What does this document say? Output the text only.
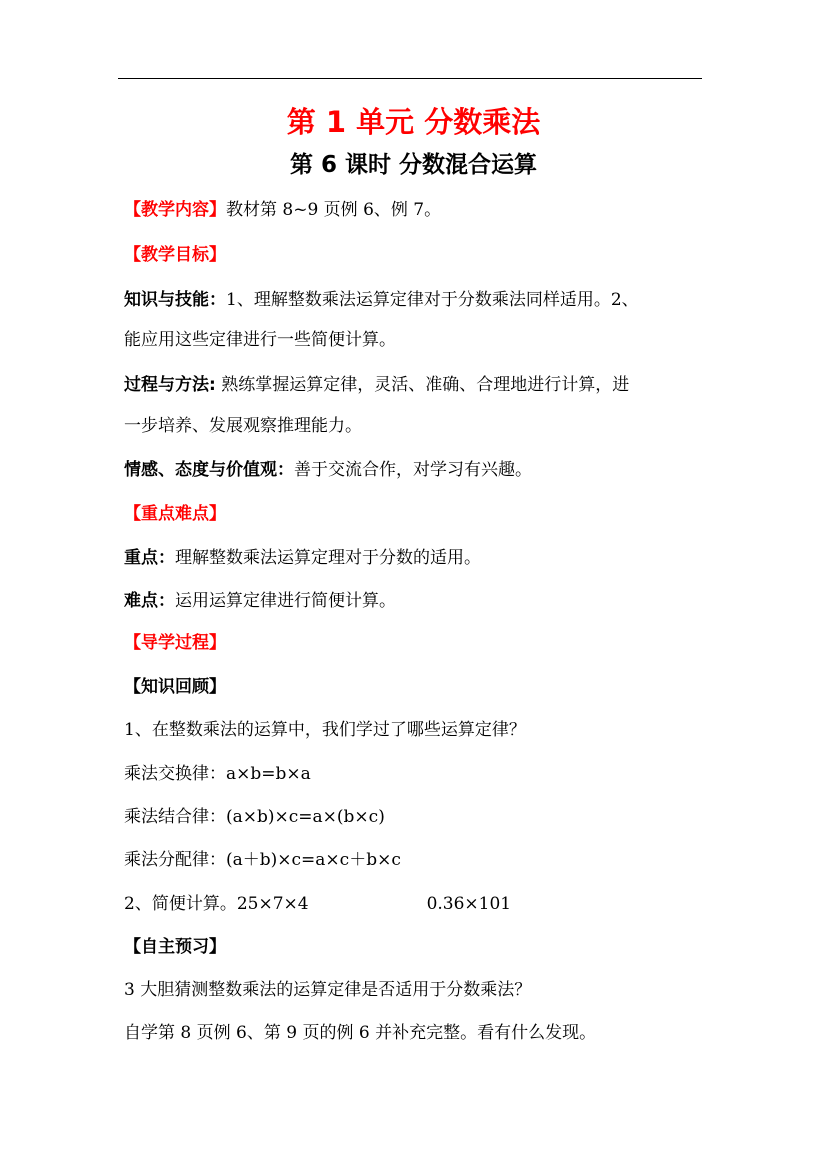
第 1 单元 分数乘法
第 6 课时 分数混合运算
【教学内容】教材第 8~9 页例 6、例 7。
【教学目标】
知识与技能：1、理解整数乘法运算定律对于分数乘法同样适用。2、
能应用这些定律进行一些简便计算。
过程与方法: 熟练掌握运算定律，灵活、准确、合理地进行计算，进
一步培养、发展观察推理能力。
情感、态度与价值观：善于交流合作，对学习有兴趣。
【重点难点】
重点：理解整数乘法运算定理对于分数的适用。
难点：运用运算定律进行简便计算。
【导学过程】
【知识回顾】
1、在整数乘法的运算中，我们学过了哪些运算定律？
乘法交换律：a×b=b×a
乘法结合律：(a×b)×c=a×(b×c)
乘法分配律：(a＋b)×c=a×c＋b×c
2、简便计算。25×7×4	0.36×101
【自主预习】
3 大胆猜测整数乘法的运算定律是否适用于分数乘法？
自学第 8 页例 6、第 9 页的例 6 并补充完整。看有什么发现。
